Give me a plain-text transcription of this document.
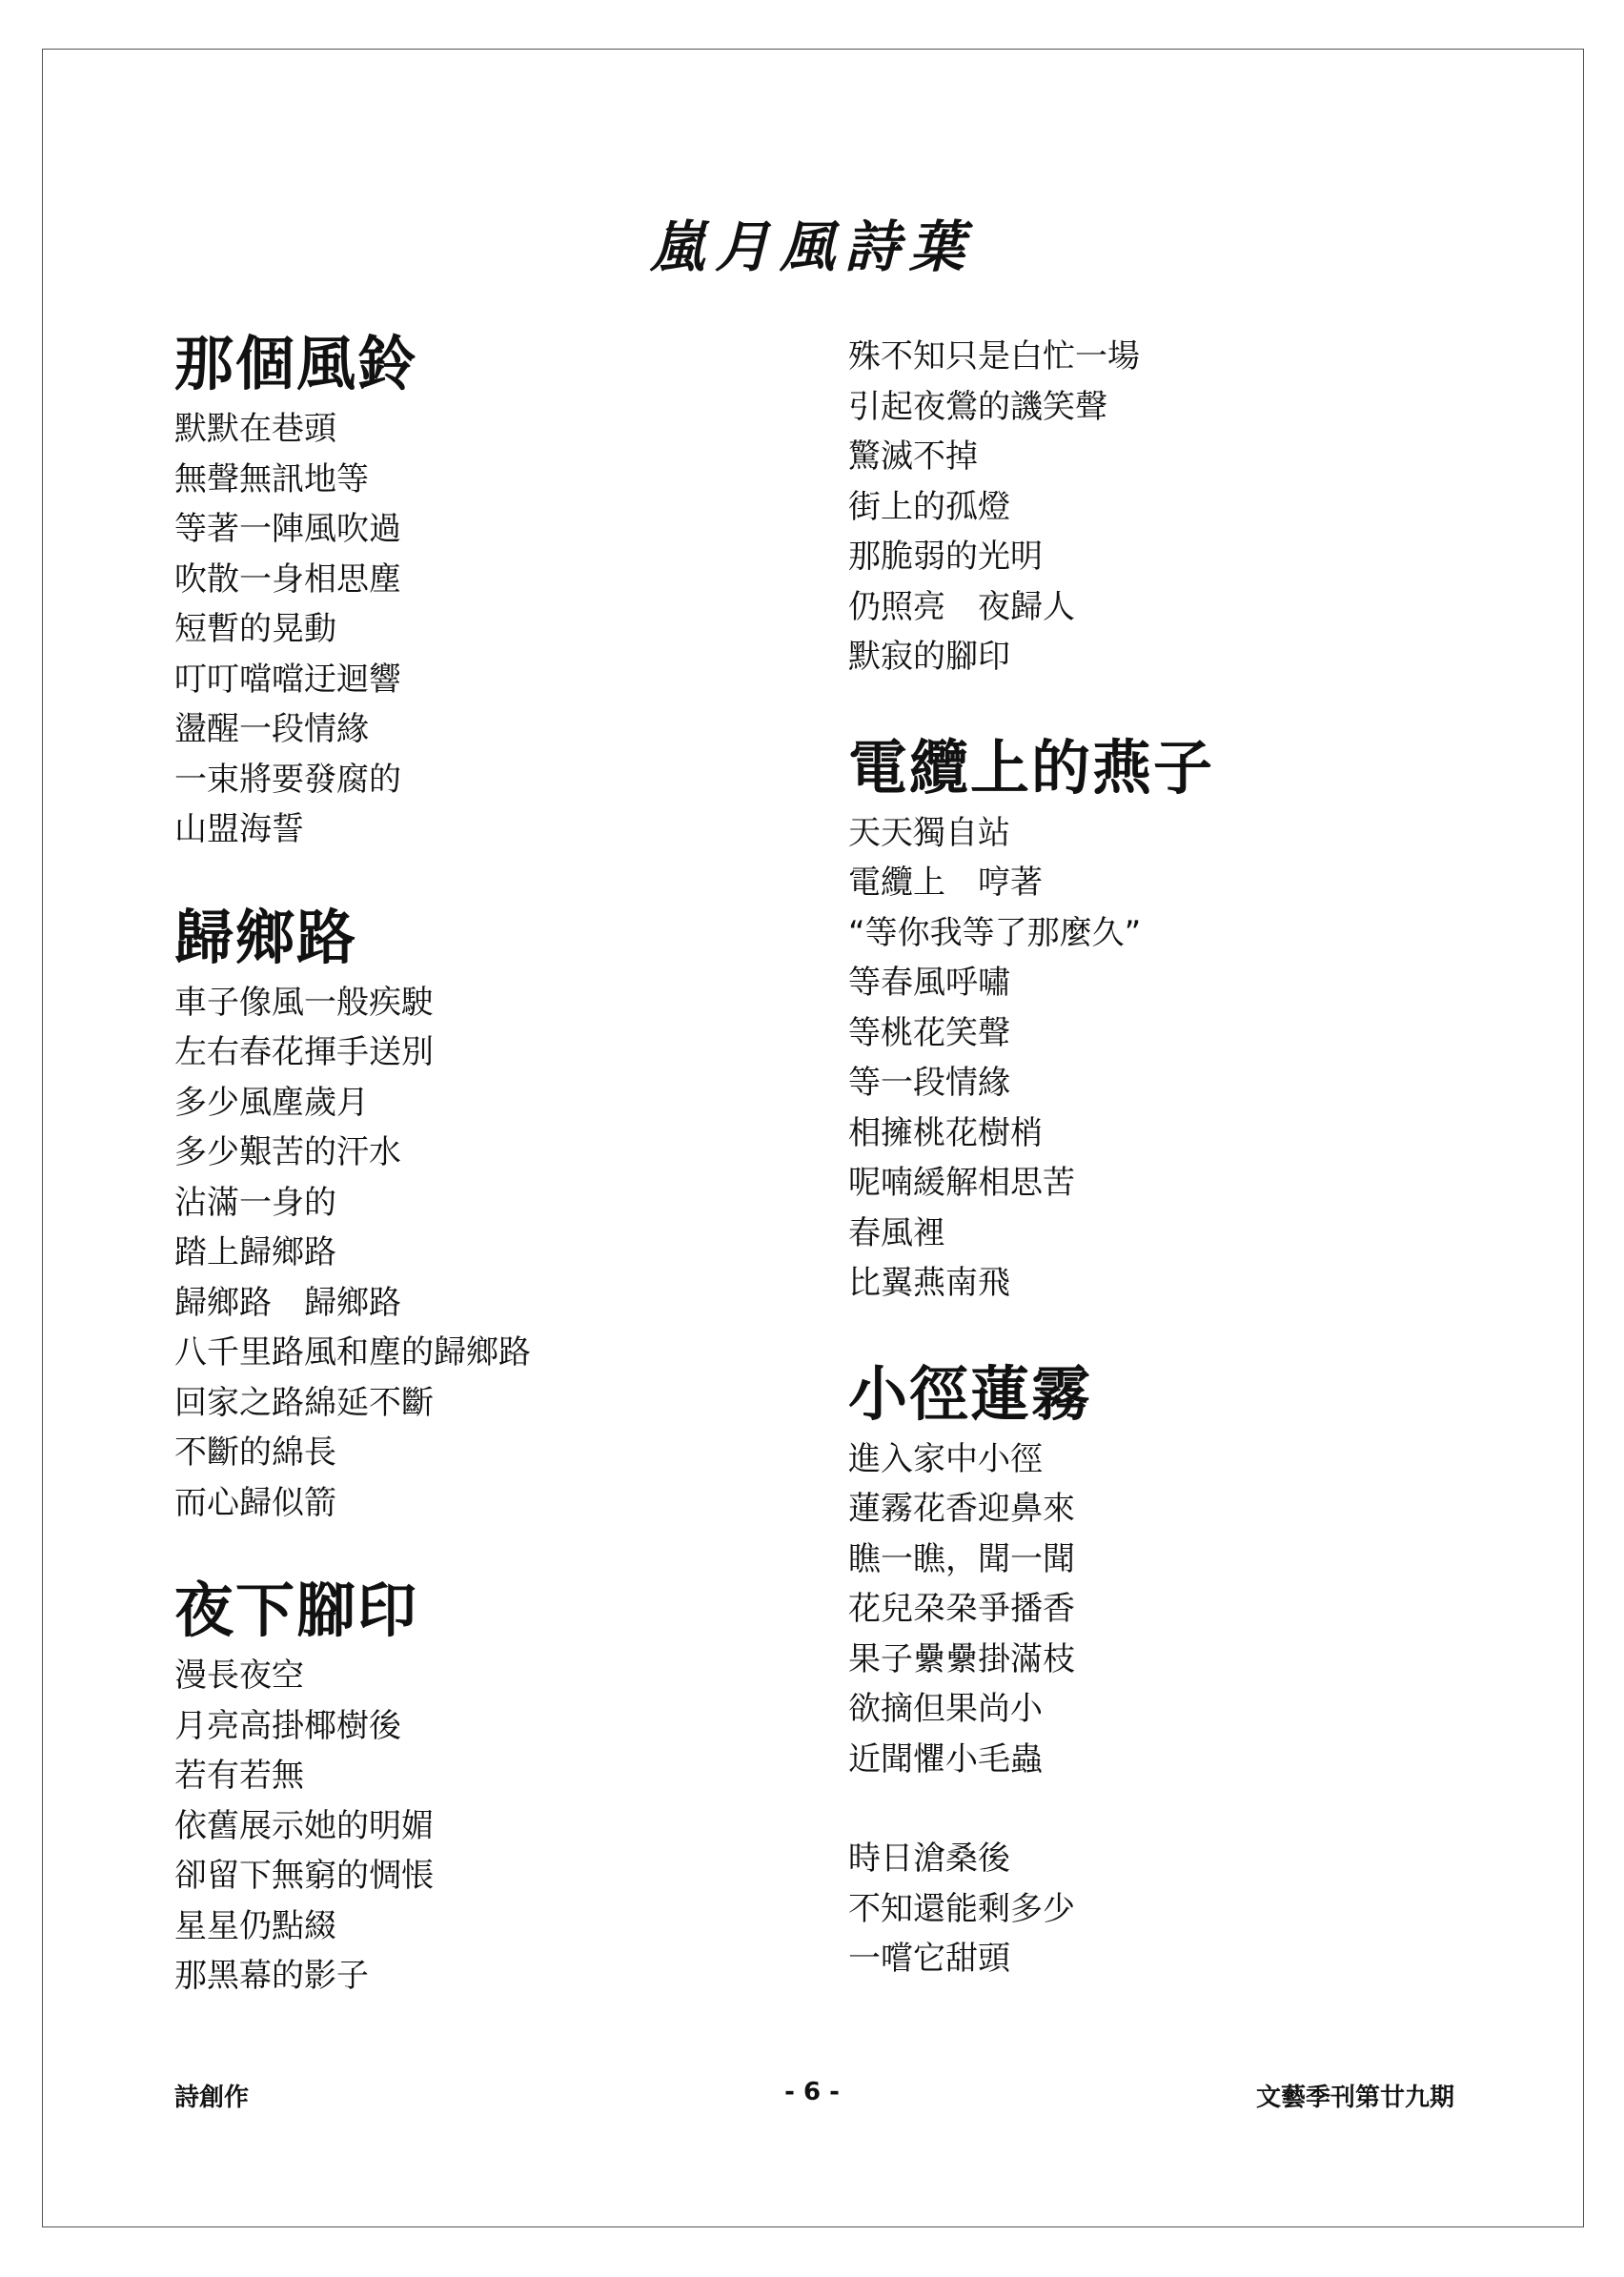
嵐月風詩葉
那個風鈴

默默在巷頭

無聲無訊地等

等著一陣風吹過

吹散一身相思塵

短暫的晃動

叮叮噹噹迂迴響

盪醒一段情緣

一束將要發腐的

山盟海誓

歸鄉路

車子像風一般疾駛

左右春花揮手送別

多少風塵歲月

多少艱苦的汗水

沾滿一身的

踏上歸鄉路

歸鄉路　歸鄉路

八千里路風和塵的歸鄉路

回家之路綿延不斷

不斷的綿長

而心歸似箭

夜下腳印

漫長夜空

月亮高掛椰樹後

若有若無

依舊展示她的明媚

卻留下無窮的惆悵

星星仍點綴

那黑幕的影子

殊不知只是白忙一場

引起夜鶯的譏笑聲

驚滅不掉

街上的孤燈

那脆弱的光明

仍照亮　夜歸人

默寂的腳印

電纜上的燕子

天天獨自站

電纜上　哼著

“等你我等了那麼久”

等春風呼嘯

等桃花笑聲

等一段情緣

相擁桃花樹梢

呢喃緩解相思苦

春風裡

比翼燕南飛

小徑蓮霧

進入家中小徑

蓮霧花香迎鼻來

瞧一瞧，聞一聞

花兒朶朶爭播香

果子纍纍掛滿枝

欲摘但果尚小

近聞懼小毛蟲

時日滄桑後

不知還能剩多少

一嚐它甜頭

詩創作	- 6 -	文藝季刊第廿九期
